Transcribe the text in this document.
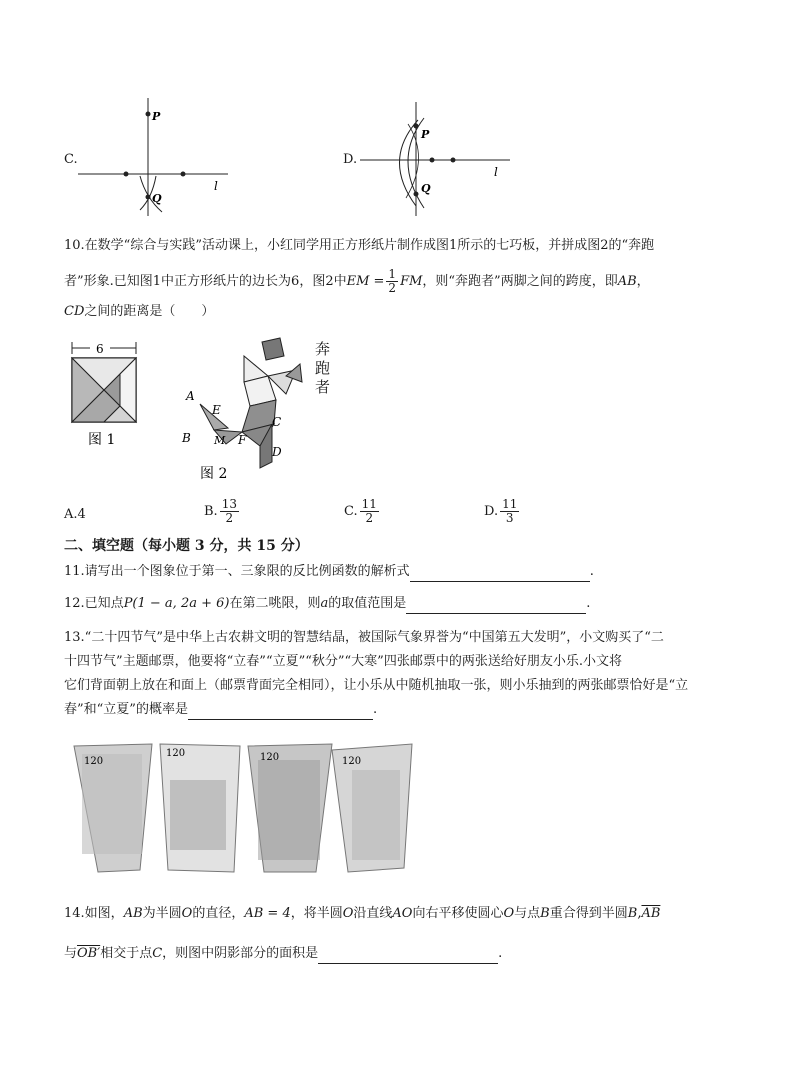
C.
P
Q
l
D.
P
Q
l
10.在数学“综合与实践”活动课上，小红同学用正方形纸片制作成图1所示的七巧板，并拼成图2的“奔跑
者”形象.已知图1中正方形纸片的边长为6，图2中EM = $\frac{1}{2}$ FM，则“奔跑者”两脚之间的跨度，即AB，
CD之间的距离是（　　）
6
图 1
A
B
C
D
E
F
M
图 2
奔跑者
A.4	B. $\frac{13}{2}$	C. $\frac{11}{2}$	D. $\frac{11}{3}$
二、填空题（每小题 3 分，共 15 分）
11.请写出一个图象位于第一、三象限的反比例函数的解析式	.
12.已知点P(1 − a, 2a + 6)在第二咷限，则a的取值范围是	.
13.“二十四节气”是中华上古农耕文明的智慧结晶，被国际气象界誉为“中国第五大发明”，小文购买了“二
十四节气”主题邮票，他要将“立春”“立夏”“秋分”“大寒”四张邮票中的两张送给好朋友小乐.小文将
它们背面朝上放在和面上（邮票背面完全相同），让小乐从中随机抽取一张，则小乐抽到的两张邮票恰好是“立
春”和“立夏”的概率是	.
120
120	120	120
14.如图，AB为半圆O的直径，AB = 4，将半圆O沿直线AO向右平移使圆心O与点B重合得到半圆$B,\overline{AB}$
与OB′相交于点C，则图中阴影部分的面积是	.
